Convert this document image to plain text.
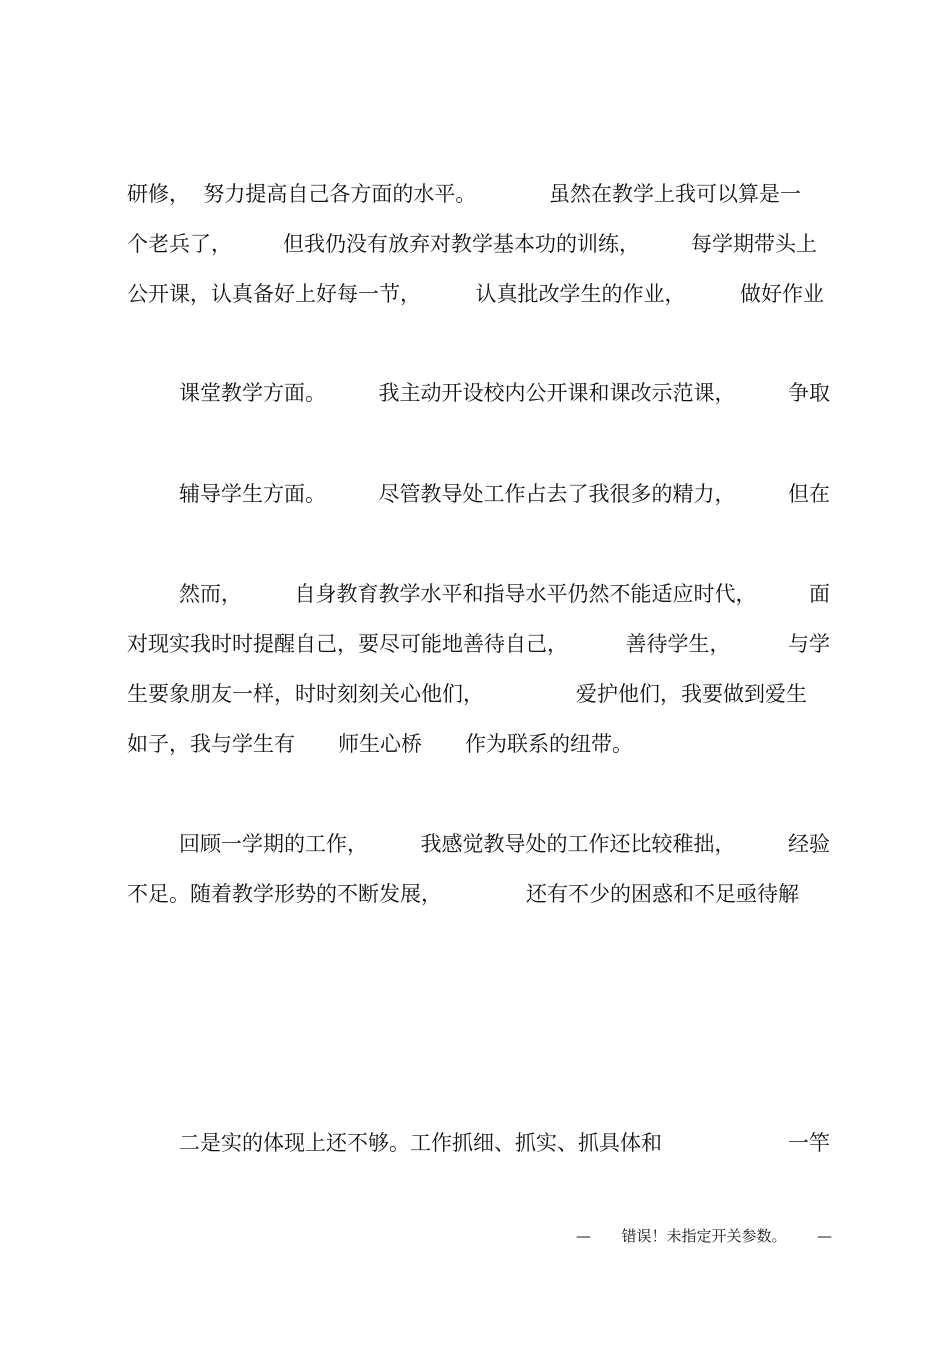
研修，  努力提高自己各方面的水平。	虽然在教学上我可以算是一
个老兵了， 但我仍没有放弃对教学基本功的训练， 每学期带头上
公开课，认真备好上好每一节，	认真批改学生的作业，	做好作业

课堂教学方面。	我主动开设校内公开课和课改示范课，	争取

辅导学生方面。	尽管教导处工作占去了我很多的精力，	但在

然而，	自身教育教学水平和指导水平仍然不能适应时代，	面
对现实我时时提醒自己，要尽可能地善待自己，	善待学生，	与学
生要象朋友一样，时时刻刻关心他们，	爱护他们，我要做到爱生
如子，我与学生有 师生心桥 作为联系的纽带。

回顾一学期的工作，	我感觉教导处的工作还比较稚拙，	经验
不足。随着教学形势的不断发展，	还有不少的困惑和不足亟待解

二是实的体现上还不够。工作抓细、抓实、抓具体和	一竿
— 错误！未指定开关参数。 —
